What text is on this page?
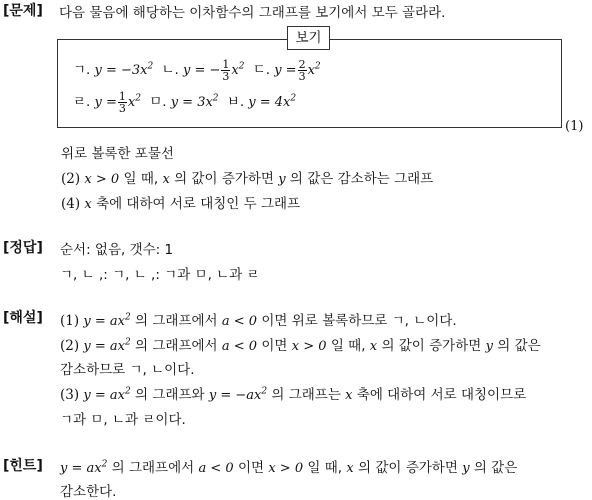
[문제] 다음 물음에 해당하는 이차함수의 그래프를 보기에서 모두 골라라.
보기
ㄱ. $y = -3x^2$ ㄴ. y = − $\frac{1}{3} x^2$ ㄷ. $y = \frac{2}{3} x^2$
ㄹ. $y = \frac{1}{3} x^2$ ㅁ. $y = 3x^2$ ㅂ. $y = 4x^2$
(1)
위로 볼록한 포물선
(2) x > 0 일 때, x 의 값이 증가하면 y 의 값은 감소하는 그래프
(4) x 축에 대하여 서로 대칭인 두 그래프
[정답] 순서: 없음, 갯수: 1
ㄱ, ㄴ ,: ㄱ, ㄴ ,: ㄱ과 ㅁ, ㄴ과 ㄹ
[해설] (1) $y = ax^2$ 의 그래프에서 a < 0 이면 위로 볼록하므로 ㄱ, ㄴ이다.
(2) $y = ax^2$ 의 그래프에서 a < 0 이면 x > 0 일 때, x 의 값이 증가하면 y 의 값은
감소하므로 ㄱ, ㄴ이다.
(3) $y = ax^2$ 의 그래프와 $y = -ax^2$ 의 그래프는 x 축에 대하여 서로 대칭이므로
ㄱ과 ㅁ, ㄴ과 ㄹ이다.
[힌트] $y = ax^2$ 의 그래프에서 a < 0 이면 x > 0 일 때, x 의 값이 증가하면 y 의 값은
감소한다.
